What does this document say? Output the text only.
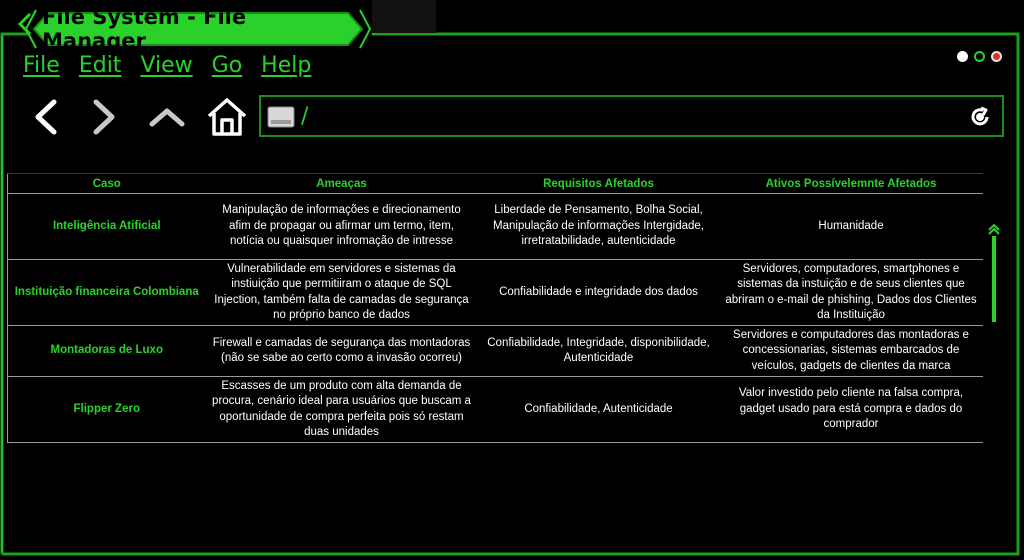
File System - File Manager
File Edit View Go Help
/
Caso	Ameaças	Requisitos Afetados	Ativos Possívelemnte Afetados
Inteligência Atificial	Manipulação de informações e direcionamento afim de propagar ou afirmar um termo, item, notícia ou quaisquer infromação de intresse	Liberdade de Pensamento, Bolha Social, Manipulação de informações Intergidade, irretratabilidade, autenticidade	Humanidade
Instituição financeira Colombiana	Vulnerabilidade em servidores e sistemas da instiuição que permitiiram o ataque de SQL Injection, também falta de camadas de segurança no próprio banco de dados	Confiabilidade e integridade dos dados	Servidores, computadores, smartphones e sistemas da instuição e de seus clientes que abriram o e-mail de phishing, Dados dos Clientes da Instituição
Montadoras de Luxo	Firewall e camadas de segurança das montadoras (não se sabe ao certo como a invasão ocorreu)	Confiabilidade, Integridade, disponibilidade, Autenticidade	Servidores e computadores das montadoras e concessionarias, sistemas embarcados de veículos, gadgets de clientes da marca
Flipper Zero	Escasses de um produto com alta demanda de procura, cenário ideal para usuários que buscam a oportunidade de compra perfeita pois só restam duas unidades	Confiabilidade, Autenticidade	Valor investido pelo cliente na falsa compra, gadget usado para está compra e dados do comprador
